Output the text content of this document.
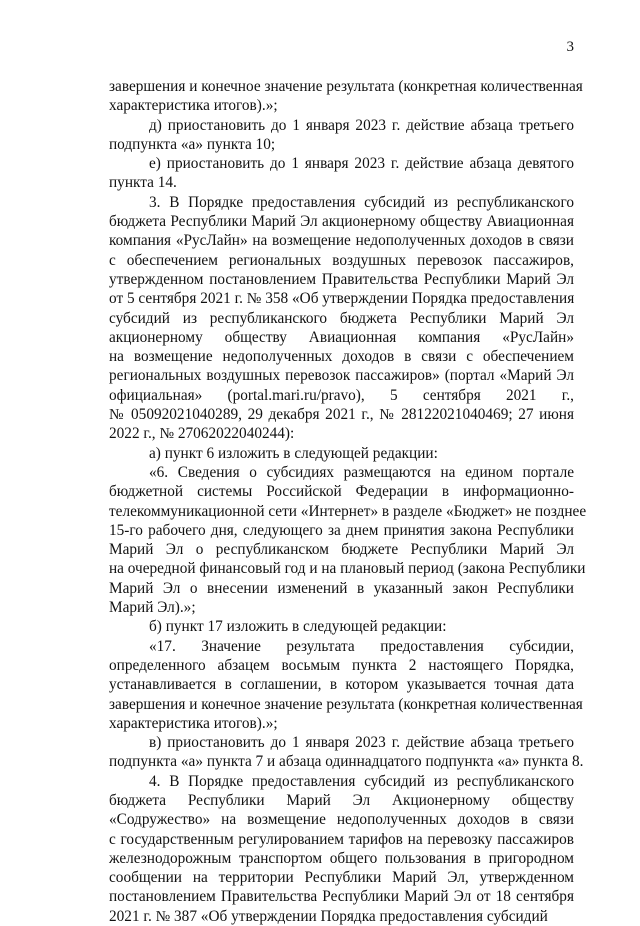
3
завершения и конечное значение результата (конкретная количественная
характеристика итогов).»;
д) приостановить до 1 января 2023 г. действие абзаца третьего
подпункта «а» пункта 10;
е) приостановить до 1 января 2023 г. действие абзаца девятого
пункта 14.
3. В Порядке предоставления субсидий из республиканского
бюджета Республики Марий Эл акционерному обществу Авиационная
компания «РусЛайн» на возмещение недополученных доходов в связи
с обеспечением региональных воздушных перевозок пассажиров,
утвержденном постановлением Правительства Республики Марий Эл
от 5 сентября 2021 г. № 358 «Об утверждении Порядка предоставления
субсидий из республиканского бюджета Республики Марий Эл
акционерному обществу Авиационная компания «РусЛайн»
на возмещение недополученных доходов в связи с обеспечением
региональных воздушных перевозок пассажиров» (портал «Марий Эл
официальная» (portal.mari.ru/pravo), 5 сентября 2021 г.,
№ 05092021040289, 29 декабря 2021 г., № 28122021040469; 27 июня
2022 г., № 27062022040244):
а) пункт 6 изложить в следующей редакции:
«6. Сведения о субсидиях размещаются на едином портале
бюджетной системы Российской Федерации в информационно-
телекоммуникационной сети «Интернет» в разделе «Бюджет» не позднее
15-го рабочего дня, следующего за днем принятия закона Республики
Марий Эл о республиканском бюджете Республики Марий Эл
на очередной финансовый год и на плановый период (закона Республики
Марий Эл о внесении изменений в указанный закон Республики
Марий Эл).»;
б) пункт 17 изложить в следующей редакции:
«17. Значение результата предоставления субсидии,
определенного абзацем восьмым пункта 2 настоящего Порядка,
устанавливается в соглашении, в котором указывается точная дата
завершения и конечное значение результата (конкретная количественная
характеристика итогов).»;
в) приостановить до 1 января 2023 г. действие абзаца третьего
подпункта «а» пункта 7 и абзаца одиннадцатого подпункта «а» пункта 8.
4. В Порядке предоставления субсидий из республиканского
бюджета Республики Марий Эл Акционерному обществу
«Содружество» на возмещение недополученных доходов в связи
с государственным регулированием тарифов на перевозку пассажиров
железнодорожным транспортом общего пользования в пригородном
сообщении на территории Республики Марий Эл, утвержденном
постановлением Правительства Республики Марий Эл от 18 сентября
2021 г. № 387 «Об утверждении Порядка предоставления субсидий
